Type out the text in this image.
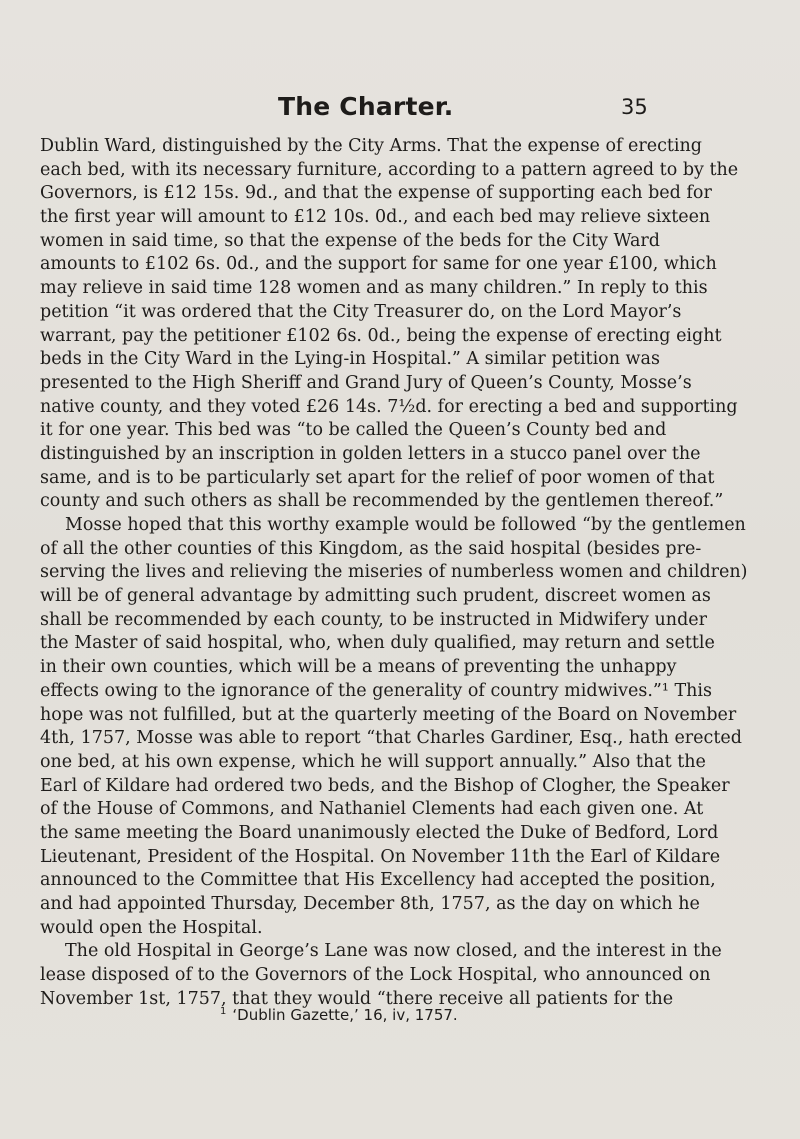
The Charter.	35
Dublin Ward, distinguished by the City Arms. That the expense of erecting
each bed, with its necessary furniture, according to a pattern agreed to by the
Governors, is £12 15s. 9d., and that the expense of supporting each bed for
the first year will amount to £12 10s. 0d., and each bed may relieve sixteen
women in said time, so that the expense of the beds for the City Ward
amounts to £102 6s. 0d., and the support for same for one year £100, which
may relieve in said time 128 women and as many children.” In reply to this
petition “it was ordered that the City Treasurer do, on the Lord Mayor’s
warrant, pay the petitioner £102 6s. 0d., being the expense of erecting eight
beds in the City Ward in the Lying-in Hospital.” A similar petition was
presented to the High Sheriff and Grand Jury of Queen’s County, Mosse’s
native county, and they voted £26 14s. 7½d. for erecting a bed and supporting
it for one year. This bed was “to be called the Queen’s County bed and
distinguished by an inscription in golden letters in a stucco panel over the
same, and is to be particularly set apart for the relief of poor women of that
county and such others as shall be recommended by the gentlemen thereof.”
Mosse hoped that this worthy example would be followed “by the gentlemen
of all the other counties of this Kingdom, as the said hospital (besides pre-
serving the lives and relieving the miseries of numberless women and children)
will be of general advantage by admitting such prudent, discreet women as
shall be recommended by each county, to be instructed in Midwifery under
the Master of said hospital, who, when duly qualified, may return and settle
in their own counties, which will be a means of preventing the unhappy
effects owing to the ignorance of the generality of country midwives.”¹ This
hope was not fulfilled, but at the quarterly meeting of the Board on November
4th, 1757, Mosse was able to report “that Charles Gardiner, Esq., hath erected
one bed, at his own expense, which he will support annually.” Also that the
Earl of Kildare had ordered two beds, and the Bishop of Clogher, the Speaker
of the House of Commons, and Nathaniel Clements had each given one. At
the same meeting the Board unanimously elected the Duke of Bedford, Lord
Lieutenant, President of the Hospital. On November 11th the Earl of Kildare
announced to the Committee that His Excellency had accepted the position,
and had appointed Thursday, December 8th, 1757, as the day on which he
would open the Hospital.
The old Hospital in George’s Lane was now closed, and the interest in the
lease disposed of to the Governors of the Lock Hospital, who announced on
November 1st, 1757, that they would “there receive all patients for the
$^1$ ‘Dublin Gazette,’ 16, iv, 1757.
